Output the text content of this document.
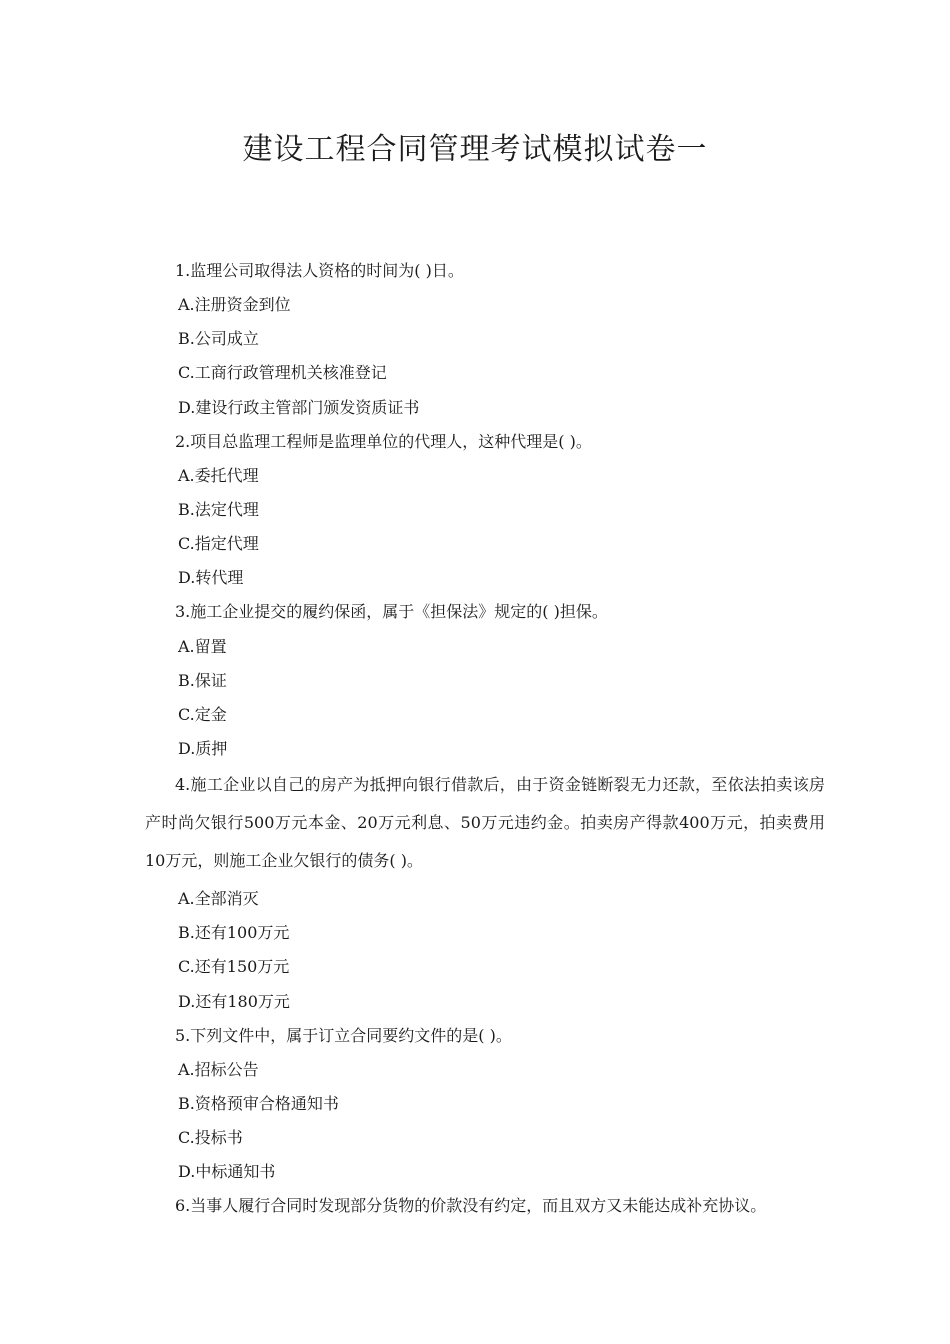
建设工程合同管理考试模拟试卷一

1.监理公司取得法人资格的时间为( )日。

A.注册资金到位

B.公司成立

C.工商行政管理机关核准登记

D.建设行政主管部门颁发资质证书

2.项目总监理工程师是监理单位的代理人，这种代理是( )。

A.委托代理

B.法定代理

C.指定代理

D.转代理

3.施工企业提交的履约保函，属于《担保法》规定的( )担保。

A.留置

B.保证

C.定金

D.质押

4.施工企业以自己的房产为抵押向银行借款后，由于资金链断裂无力还款，至依法拍卖该房产时尚欠银行500万元本金、20万元利息、50万元违约金。拍卖房产得款400万元，拍卖费用10万元，则施工企业欠银行的债务( )。

A.全部消灭

B.还有100万元

C.还有150万元

D.还有180万元

5.下列文件中，属于订立合同要约文件的是( )。

A.招标公告

B.资格预审合格通知书

C.投标书

D.中标通知书

6.当事人履行合同时发现部分货物的价款没有约定，而且双方又未能达成补充协议。
